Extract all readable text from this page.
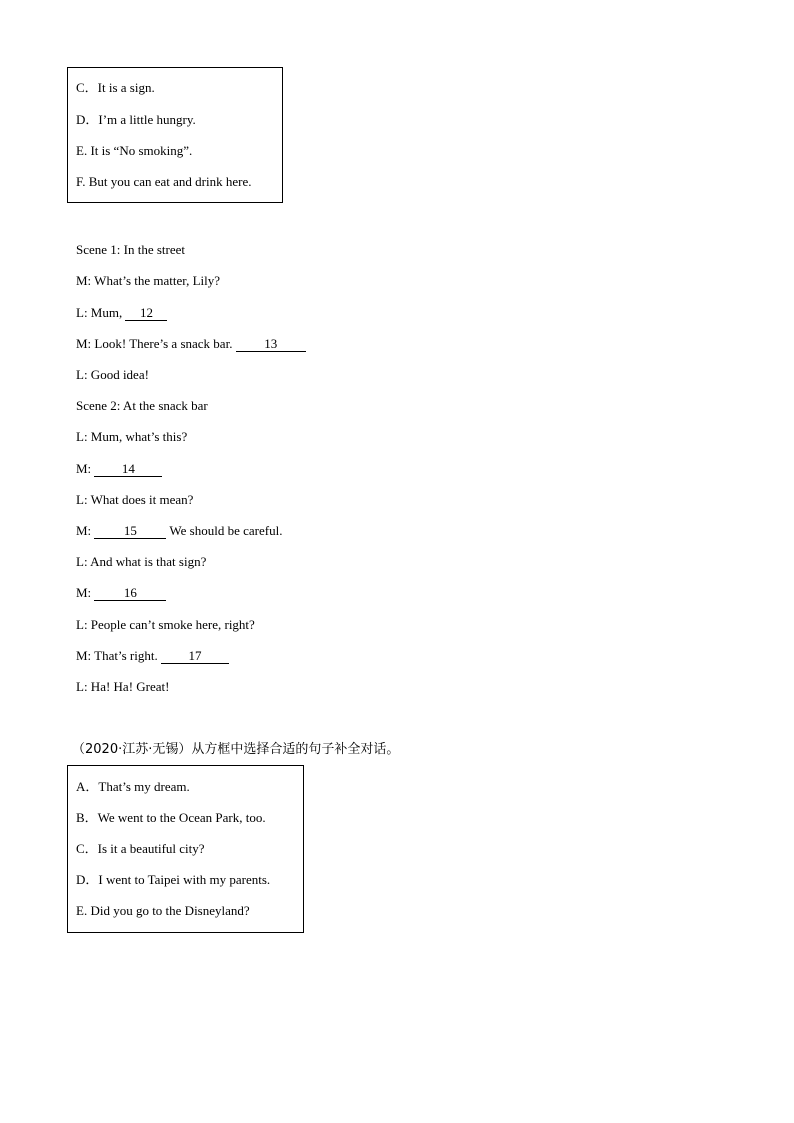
C．It is a sign.
D．I’m a little hungry.
E. It is “No smoking”.
F. But you can eat and drink here.
Scene 1: In the street
M: What’s the matter, Lily?
L: Mum, 12
M: Look! There’s a snack bar. 13
L: Good idea!
Scene 2: At the snack bar
L: Mum, what’s this?
M: 14
L: What does it mean?
M: 15 We should be careful.
L: And what is that sign?
M: 16
L: People can’t smoke here, right?
M: That’s right. 17
L: Ha! Ha! Great!
（2020·江苏·无锡）从方框中选择合适的句子补全对话。
A．That’s my dream.
B．We went to the Ocean Park, too.
C．Is it a beautiful city?
D．I went to Taipei with my parents.
E. Did you go to the Disneyland?
